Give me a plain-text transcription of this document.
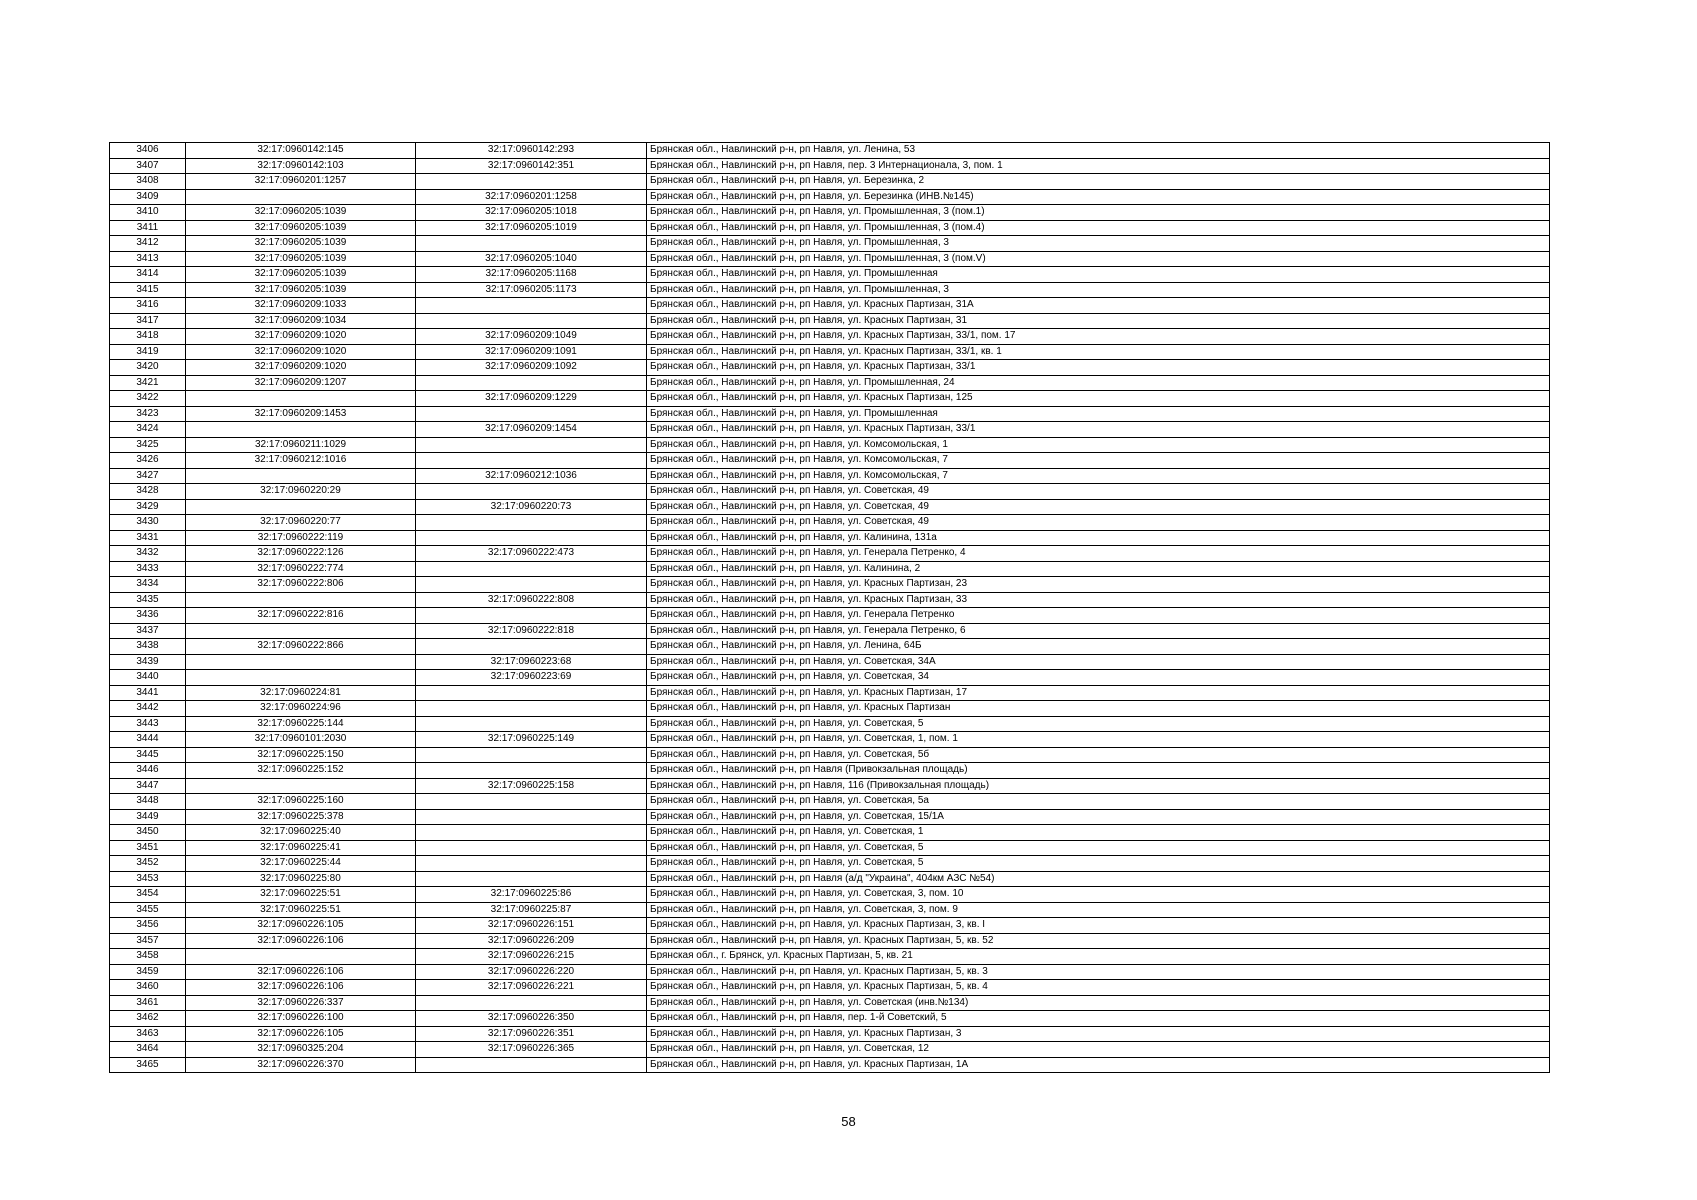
3406	32:17:0960142:145	32:17:0960142:293	Брянская обл., Навлинский р-н, рп Навля, ул. Ленина, 53
3407	32:17:0960142:103	32:17:0960142:351	Брянская обл., Навлинский р-н, рп Навля, пер. 3 Интернационала, 3, пом. 1
3408	32:17:0960201:1257		Брянская обл., Навлинский р-н, рп Навля, ул. Березинка, 2
3409		32:17:0960201:1258	Брянская обл., Навлинский р-н, рп Навля, ул. Березинка (ИНВ.№145)
3410	32:17:0960205:1039	32:17:0960205:1018	Брянская обл., Навлинский р-н, рп Навля, ул. Промышленная, 3 (пом.1)
3411	32:17:0960205:1039	32:17:0960205:1019	Брянская обл., Навлинский р-н, рп Навля, ул. Промышленная, 3 (пом.4)
3412	32:17:0960205:1039		Брянская обл., Навлинский р-н, рп Навля, ул. Промышленная, 3
3413	32:17:0960205:1039	32:17:0960205:1040	Брянская обл., Навлинский р-н, рп Навля, ул. Промышленная, 3 (пом.V)
3414	32:17:0960205:1039	32:17:0960205:1168	Брянская обл., Навлинский р-н, рп Навля, ул. Промышленная
3415	32:17:0960205:1039	32:17:0960205:1173	Брянская обл., Навлинский р-н, рп Навля, ул. Промышленная, 3
3416	32:17:0960209:1033		Брянская обл., Навлинский р-н, рп Навля, ул. Красных Партизан, 31А
3417	32:17:0960209:1034		Брянская обл., Навлинский р-н, рп Навля, ул. Красных Партизан, 31
3418	32:17:0960209:1020	32:17:0960209:1049	Брянская обл., Навлинский р-н, рп Навля, ул. Красных Партизан, 33/1, пом. 17
3419	32:17:0960209:1020	32:17:0960209:1091	Брянская обл., Навлинский р-н, рп Навля, ул. Красных Партизан, 33/1, кв. 1
3420	32:17:0960209:1020	32:17:0960209:1092	Брянская обл., Навлинский р-н, рп Навля, ул. Красных Партизан, 33/1
3421	32:17:0960209:1207		Брянская обл., Навлинский р-н, рп Навля, ул. Промышленная, 24
3422		32:17:0960209:1229	Брянская обл., Навлинский р-н, рп Навля, ул. Красных Партизан, 125
3423	32:17:0960209:1453		Брянская обл., Навлинский р-н, рп Навля, ул. Промышленная
3424		32:17:0960209:1454	Брянская обл., Навлинский р-н, рп Навля, ул. Красных Партизан, 33/1
3425	32:17:0960211:1029		Брянская обл., Навлинский р-н, рп Навля, ул. Комсомольская, 1
3426	32:17:0960212:1016		Брянская обл., Навлинский р-н, рп Навля, ул. Комсомольская, 7
3427		32:17:0960212:1036	Брянская обл., Навлинский р-н, рп Навля, ул. Комсомольская, 7
3428	32:17:0960220:29		Брянская обл., Навлинский р-н, рп Навля, ул. Советская, 49
3429		32:17:0960220:73	Брянская обл., Навлинский р-н, рп Навля, ул. Советская, 49
3430	32:17:0960220:77		Брянская обл., Навлинский р-н, рп Навля, ул. Советская, 49
3431	32:17:0960222:119		Брянская обл., Навлинский р-н, рп Навля, ул. Калинина, 131а
3432	32:17:0960222:126	32:17:0960222:473	Брянская обл., Навлинский р-н, рп Навля, ул. Генерала Петренко, 4
3433	32:17:0960222:774		Брянская обл., Навлинский р-н, рп Навля, ул. Калинина, 2
3434	32:17:0960222:806		Брянская обл., Навлинский р-н, рп Навля, ул. Красных Партизан, 23
3435		32:17:0960222:808	Брянская обл., Навлинский р-н, рп Навля, ул. Красных Партизан, 33
3436	32:17:0960222:816		Брянская обл., Навлинский р-н, рп Навля, ул. Генерала Петренко
3437		32:17:0960222:818	Брянская обл., Навлинский р-н, рп Навля, ул. Генерала Петренко, 6
3438	32:17:0960222:866		Брянская обл., Навлинский р-н, рп Навля, ул. Ленина, 64Б
3439		32:17:0960223:68	Брянская обл., Навлинский р-н, рп Навля, ул. Советская, 34А
3440		32:17:0960223:69	Брянская обл., Навлинский р-н, рп Навля, ул. Советская, 34
3441	32:17:0960224:81		Брянская обл., Навлинский р-н, рп Навля, ул. Красных Партизан, 17
3442	32:17:0960224:96		Брянская обл., Навлинский р-н, рп Навля, ул. Красных Партизан
3443	32:17:0960225:144		Брянская обл., Навлинский р-н, рп Навля, ул. Советская, 5
3444	32:17:0960101:2030	32:17:0960225:149	Брянская обл., Навлинский р-н, рп Навля, ул. Советская, 1, пом. 1
3445	32:17:0960225:150		Брянская обл., Навлинский р-н, рп Навля, ул. Советская, 5б
3446	32:17:0960225:152		Брянская обл., Навлинский р-н, рп Навля (Привокзальная площадь)
3447		32:17:0960225:158	Брянская обл., Навлинский р-н, рп Навля, 116 (Привокзальная площадь)
3448	32:17:0960225:160		Брянская обл., Навлинский р-н, рп Навля, ул. Советская, 5а
3449	32:17:0960225:378		Брянская обл., Навлинский р-н, рп Навля, ул. Советская, 15/1А
3450	32:17:0960225:40		Брянская обл., Навлинский р-н, рп Навля, ул. Советская, 1
3451	32:17:0960225:41		Брянская обл., Навлинский р-н, рп Навля, ул. Советская, 5
3452	32:17:0960225:44		Брянская обл., Навлинский р-н, рп Навля, ул. Советская, 5
3453	32:17:0960225:80		Брянская обл., Навлинский р-н, рп Навля (а/д "Украина", 404км АЗС №54)
3454	32:17:0960225:51	32:17:0960225:86	Брянская обл., Навлинский р-н, рп Навля, ул. Советская, 3, пом. 10
3455	32:17:0960225:51	32:17:0960225:87	Брянская обл., Навлинский р-н, рп Навля, ул. Советская, 3, пом. 9
3456	32:17:0960226:105	32:17:0960226:151	Брянская обл., Навлинский р-н, рп Навля, ул. Красных Партизан, 3, кв. I
3457	32:17:0960226:106	32:17:0960226:209	Брянская обл., Навлинский р-н, рп Навля, ул. Красных Партизан, 5, кв. 52
3458		32:17:0960226:215	Брянская обл., г. Брянск, ул. Красных Партизан, 5, кв. 21
3459	32:17:0960226:106	32:17:0960226:220	Брянская обл., Навлинский р-н, рп Навля, ул. Красных Партизан, 5, кв. 3
3460	32:17:0960226:106	32:17:0960226:221	Брянская обл., Навлинский р-н, рп Навля, ул. Красных Партизан, 5, кв. 4
3461	32:17:0960226:337		Брянская обл., Навлинский р-н, рп Навля, ул. Советская (инв.№134)
3462	32:17:0960226:100	32:17:0960226:350	Брянская обл., Навлинский р-н, рп Навля, пер. 1-й Советский, 5
3463	32:17:0960226:105	32:17:0960226:351	Брянская обл., Навлинский р-н, рп Навля, ул. Красных Партизан, 3
3464	32:17:0960325:204	32:17:0960226:365	Брянская обл., Навлинский р-н, рп Навля, ул. Советская, 12
3465	32:17:0960226:370		Брянская обл., Навлинский р-н, рп Навля, ул. Красных Партизан, 1А
58
